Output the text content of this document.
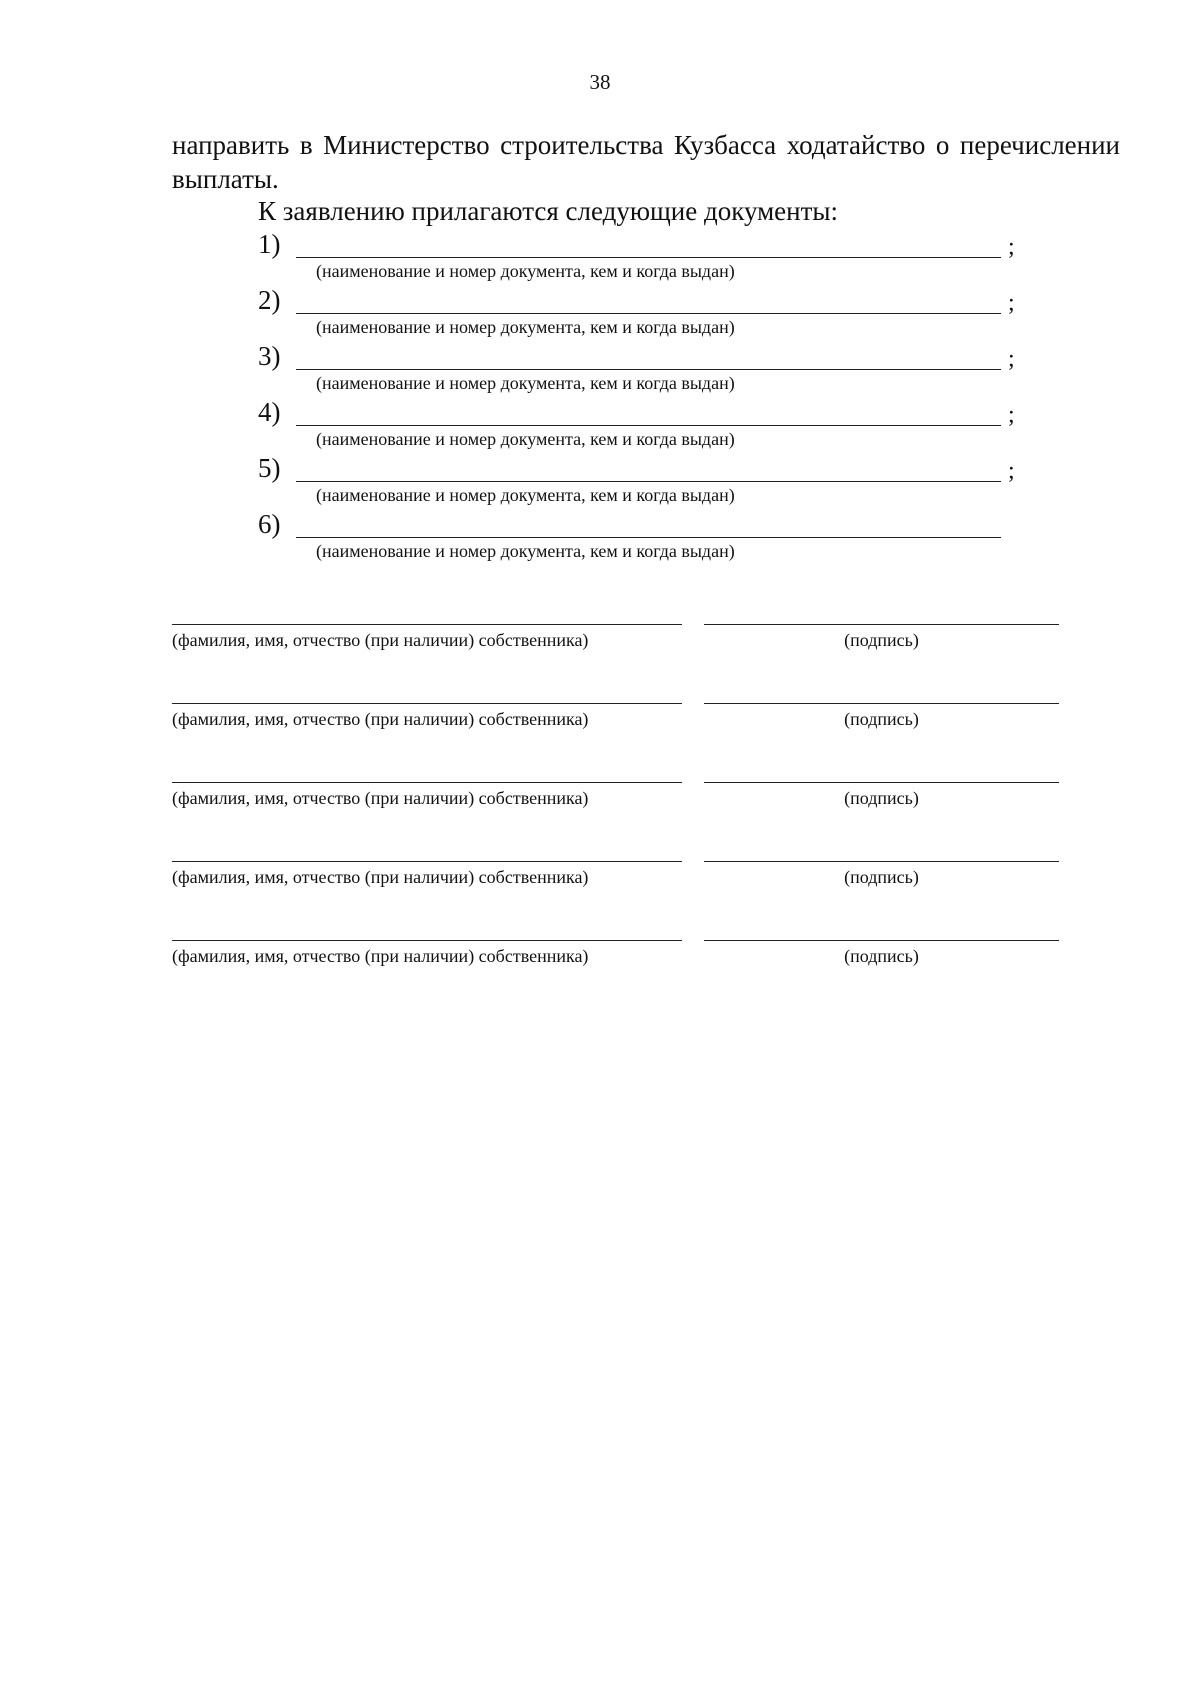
38

направить в Министерство строительства Кузбасса ходатайство о перечислении выплаты.

К заявлению прилагаются следующие документы:

1)	;
(наименование и номер документа, кем и когда выдан)
2)	;
(наименование и номер документа, кем и когда выдан)
3)	;
(наименование и номер документа, кем и когда выдан)
4)	;
(наименование и номер документа, кем и когда выдан)
5)	;
(наименование и номер документа, кем и когда выдан)
6)
(наименование и номер документа, кем и когда выдан)
(фамилия, имя, отчество (при наличии) собственника)	(подпись)
(фамилия, имя, отчество (при наличии) собственника)	(подпись)
(фамилия, имя, отчество (при наличии) собственника)	(подпись)
(фамилия, имя, отчество (при наличии) собственника)	(подпись)
(фамилия, имя, отчество (при наличии) собственника)	(подпись)
